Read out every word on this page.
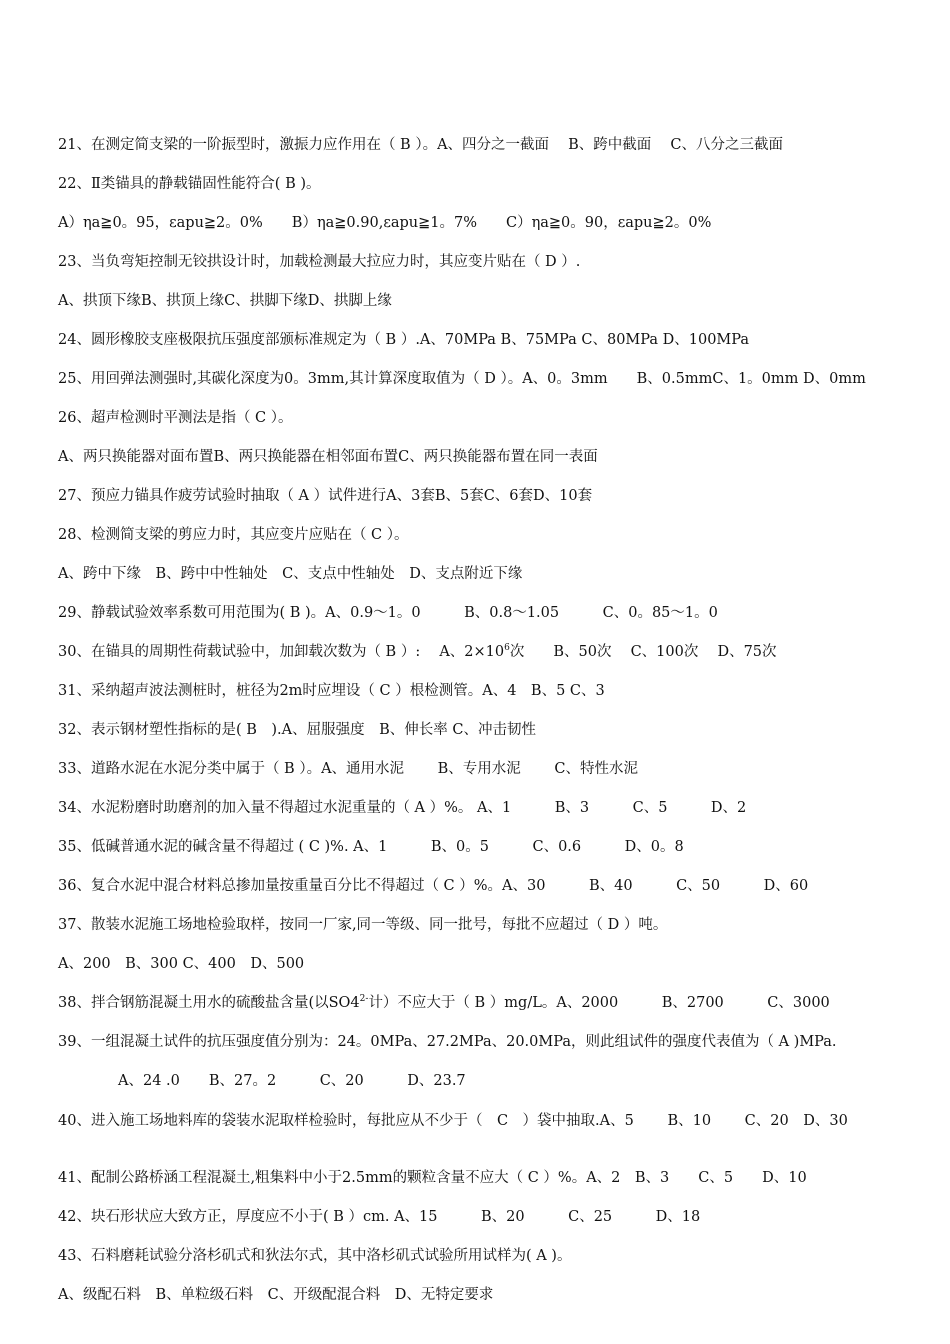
21、在测定简支梁的一阶振型时，激振力应作用在（ B ）。A、四分之一截面　 B、跨中截面　 C、八分之三截面
22、Ⅱ类锚具的静载锚固性能符合( B )。
A）ηa≧0。95，εapu≧2。0%　　B）ηa≧0.90,εapu≧1。7%　　C）ηa≧0。90，εapu≧2。0%
23、当负弯矩控制无铰拱设计时，加载检测最大拉应力时，其应变片贴在（ D ）.
A、拱顶下缘B、拱顶上缘C、拱脚下缘D、拱脚上缘
24、圆形橡胶支座极限抗压强度部颁标准规定为（ B ）.A、70MPa B、75MPa C、80MPa D、100MPa
25、用回弹法测强时,其碳化深度为0。3mm,其计算深度取值为（ D ）。A、0。3mm　　B、0.5mmC、1。0mm D、0mm
26、超声检测时平测法是指（ C ）。
A、两只换能器对面布置B、两只换能器在相邻面布置C、两只换能器布置在同一表面
27、预应力锚具作疲劳试验时抽取（ A ）试件进行A、3套B、5套C、6套D、10套
28、检测简支梁的剪应力时，其应变片应贴在（ C ）。
A、跨中下缘　B、跨中中性轴处　C、支点中性轴处　D、支点附近下缘
29、静载试验效率系数可用范围为( B )。A、0.9～1。0　　　B、0.8～1.05　　　C、0。85～1。0
30、在锚具的周期性荷载试验中，加卸载次数为（ B ）:　 A、$2\times 10^6$次　　B、50次　 C、100次　 D、75次
31、采纳超声波法测桩时，桩径为2m时应埋设（ C ）根检测管。A、4　B、5 C、3
32、表示钢材塑性指标的是( B　).A、屈服强度　B、伸长率 C、冲击韧性
33、道路水泥在水泥分类中属于（ B ）。A、通用水泥　　 B、专用水泥　　 C、特性水泥
34、水泥粉磨时助磨剂的加入量不得超过水泥重量的（ A ）%。 A、1　　　B、3　　　C、5　　　D、2
35、低碱普通水泥的碱含量不得超过 ( C )%. A、1　　　B、0。5　　　C、0.6　　　D、0。8
36、复合水泥中混合材料总掺加量按重量百分比不得超过（ C ）%。A、30　　　B、40　　　C、50　　　D、60
37、散装水泥施工场地检验取样，按同一厂家,同一等级、同一批号，每批不应超过（ D ）吨。
A、200　B、300 C、400　D、500
38、拌合钢筋混凝土用水的硫酸盐含量(以$SO4^{2-}$计）不应大于（ B ）mg/L。A、2000　　　B、2700　　　C、3000
39、一组混凝土试件的抗压强度值分别为：24。0MPa、27.2MPa、20.0MPa，则此组试件的强度代表值为（ A )MPa.
A、24 .0　　B、27。2　　　C、20　　　D、23.7
40、进入施工场地料库的袋装水泥取样检验时，每批应从不少于（　C　）袋中抽取.A、5　　 B、10　　 C、20　D、30
41、配制公路桥涵工程混凝土,粗集料中小于2.5mm的颗粒含量不应大（ C ）%。A、2　B、3　　C、5　　D、10
42、块石形状应大致方正，厚度应不小于( B ）cm. A、15　　　B、20　　　C、25　　　D、18
43、石料磨耗试验分洛杉矶式和狄法尔式，其中洛杉矶式试验所用试样为( A )。
A、级配石料　B、单粒级石料　C、开级配混合料　D、无特定要求
